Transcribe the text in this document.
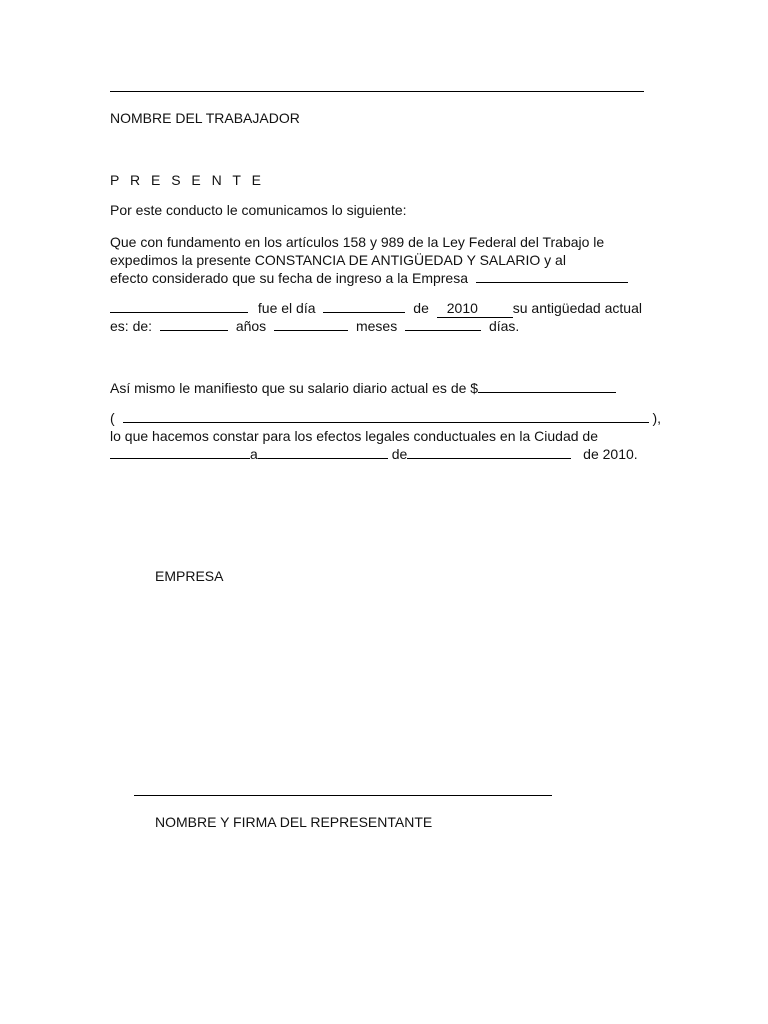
NOMBRE DEL TRABAJADOR
P R E S E N T E
Por este conducto le comunicamos lo siguiente:
Que con fundamento en los artículos 158 y 989 de la Ley Federal del Trabajo le
expedimos la presente CONSTANCIA DE ANTIGÜEDAD Y SALARIO y al
efecto considerado que su fecha de ingreso a la Empresa
fue el día	de 2010 su antigüedad actual
es: de:	años	meses	días.
Así mismo le manifiesto que su salario diario actual es de $
(	),
lo que hacemos constar para los efectos legales conductuales en la Ciudad de
a	de	de 2010.
EMPRESA
NOMBRE Y FIRMA DEL REPRESENTANTE
